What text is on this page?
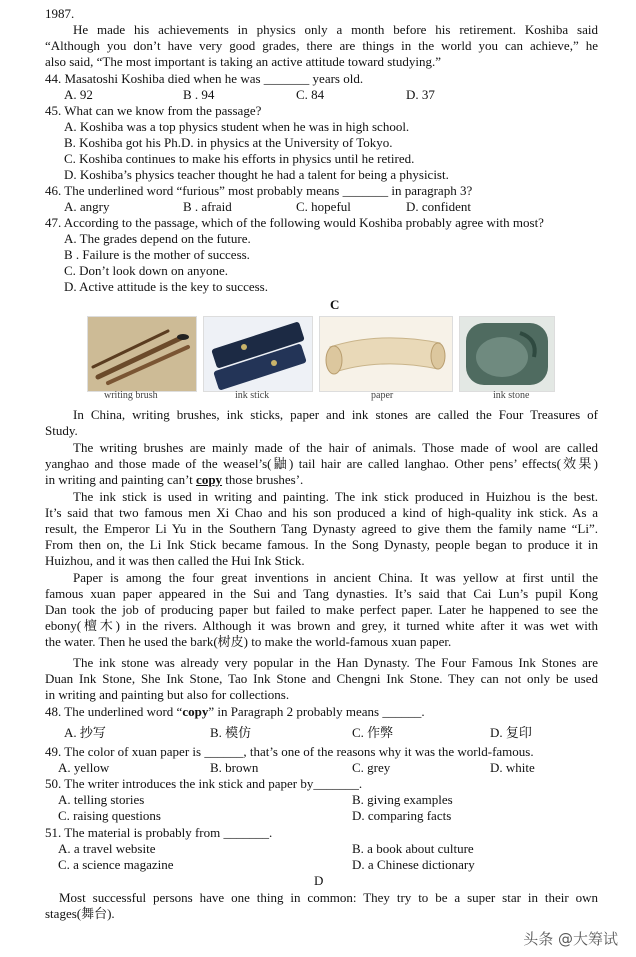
1987.
He made his achievements in physics only a month before his retirement. Koshiba said
“Although you don’t have very good grades, there are things in the world you can achieve,” he
also said, “The most important is taking an active attitude toward studying.”
44. Masatoshi Koshiba died when he was _______ years old.
A. 92	B . 94	C. 84	D. 37
45. What can we know from the passage?
A. Koshiba was a top physics student when he was in high school.
B. Koshiba got his Ph.D. in physics at the University of Tokyo.
C. Koshiba continues to make his efforts in physics until he retired.
D. Koshiba’s physics teacher thought he had a talent for being a physicist.
46. The underlined word “furious” most probably means _______ in paragraph 3?
A. angry	B . afraid	C. hopeful	D. confident
47. According to the passage, which of the following would Koshiba probably agree with most?
A. The grades depend on the future.
B . Failure is the mother of success.
C. Don’t look down on anyone.
D. Active attitude is the key to success.
C
writing brush	ink stick	paper	ink stone
In China, writing brushes, ink sticks, paper and ink stones are called the Four Treasures of
Study.
The writing brushes are mainly made of the hair of animals. Those made of wool are called
yanghao and those made of the weasel’s(鼬) tail hair are called langhao. Other pens’ effects(效果)
in writing and painting can’t copy those brushes’.
The ink stick is used in writing and painting. The ink stick produced in Huizhou is the best.
It’s said that two famous men Xi Chao and his son produced a kind of high-quality ink stick. As a
result, the Emperor Li Yu in the Southern Tang Dynasty agreed to give them the family name “Li”.
From then on, the Li Ink Stick became famous. In the Song Dynasty, people began to produce it in
Huizhou, and it was then called the Hui Ink Stick.
Paper is among the four great inventions in ancient China. It was yellow at first until the
famous xuan paper appeared in the Sui and Tang dynasties. It’s said that Cai Lun’s pupil Kong
Dan took the job of producing paper but failed to make perfect paper. Later he happened to see the
ebony(檀木) in the rivers. Although it was brown and grey, it turned white after it was wet with
the water. Then he used the bark(树皮) to make the world-famous xuan paper.
The ink stone was already very popular in the Han Dynasty. The Four Famous Ink Stones are
Duan Ink Stone, She Ink Stone, Tao Ink Stone and Chengni Ink Stone. They can not only be used
in writing and painting but also for collections.
48. The underlined word “copy” in Paragraph 2 probably means ______.
A. 抄写	B. 模仿	C. 作弊	D. 复印
49. The color of xuan paper is ______, that’s one of the reasons why it was the world-famous.
A. yellow	B. brown	C. grey	D. white
50. The writer introduces the ink stick and paper by_______.
A. telling stories	B. giving examples
C. raising questions	D. comparing facts
51. The material is probably from _______.
A. a travel website	B. a book about culture
C. a science magazine	D. a Chinese dictionary
D
Most successful persons have one thing in common: They try to be a super star in their own
stages(舞台).
头条 @大筹试
